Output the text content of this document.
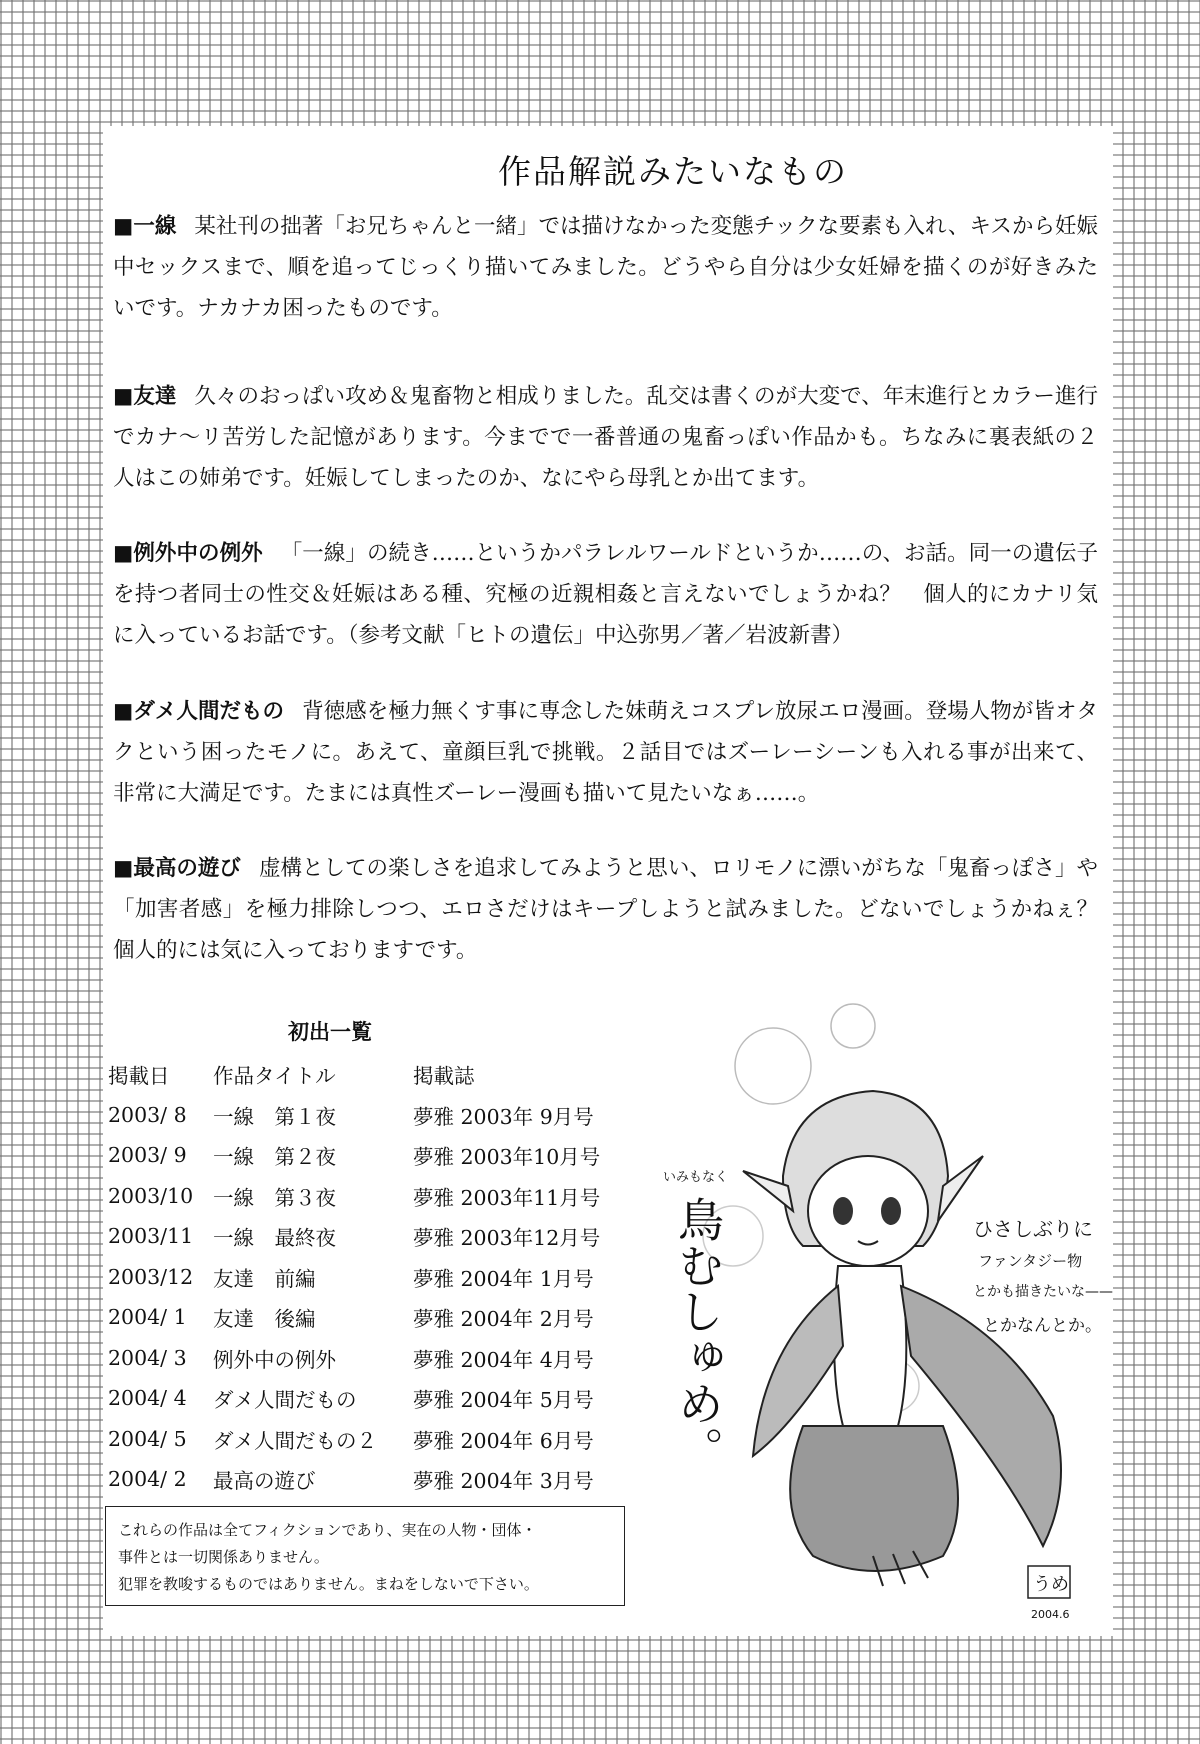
作品解説みたいなもの
■一線 某社刊の拙著「お兄ちゃんと一緒」では描けなかった変態チックな要素も入れ、キスから妊娠中セックスまで、順を追ってじっくり描いてみました。どうやら自分は少女妊婦を描くのが好きみたいです。ナカナカ困ったものです。
■友達 久々のおっぱい攻め＆鬼畜物と相成りました。乱交は書くのが大変で、年末進行とカラー進行でカナ〜リ苦労した記憶があります。今までで一番普通の鬼畜っぽい作品かも。ちなみに裏表紙の２人はこの姉弟です。妊娠してしまったのか、なにやら母乳とか出てます。
■例外中の例外 「一線」の続き……というかパラレルワールドというか……の、お話。同一の遺伝子を持つ者同士の性交＆妊娠はある種、究極の近親相姦と言えないでしょうかね？　個人的にカナリ気に入っているお話です。（参考文献「ヒトの遺伝」中込弥男／著／岩波新書）
■ダメ人間だもの 背徳感を極力無くす事に専念した妹萌えコスプレ放尿エロ漫画。登場人物が皆オタクという困ったモノに。あえて、童顔巨乳で挑戦。２話目ではズーレーシーンも入れる事が出来て、非常に大満足です。たまには真性ズーレー漫画も描いて見たいなぁ……。
■最高の遊び 虚構としての楽しさを追求してみようと思い、ロリモノに漂いがちな「鬼畜っぽさ」や「加害者感」を極力排除しつつ、エロさだけはキープしようと試みました。どないでしょうかねぇ？　個人的には気に入っておりますです。
初出一覧
掲載日	作品タイトル	掲載誌
2003/ 8	一線　第１夜	夢雅 2003年 9月号
2003/ 9	一線　第２夜	夢雅 2003年10月号
2003/10	一線　第３夜	夢雅 2003年11月号
2003/11	一線　最終夜	夢雅 2003年12月号
2003/12	友達　前編	夢雅 2004年 1月号
2004/ 1	友達　後編	夢雅 2004年 2月号
2004/ 3	例外中の例外	夢雅 2004年 4月号
2004/ 4	ダメ人間だもの	夢雅 2004年 5月号
2004/ 5	ダメ人間だもの２	夢雅 2004年 6月号
2004/ 2	最高の遊び	夢雅 2004年 3月号
これらの作品は全てフィクションであり、実在の人物・団体・
事件とは一切関係ありません。
犯罪を教唆するものではありません。まねをしないで下さい。
いみもなく
鳥むしゅめ。	ひさしぶりに
ファンタジー物
とかも描きたいな——
とかなんとか。
うめ
2004.6
